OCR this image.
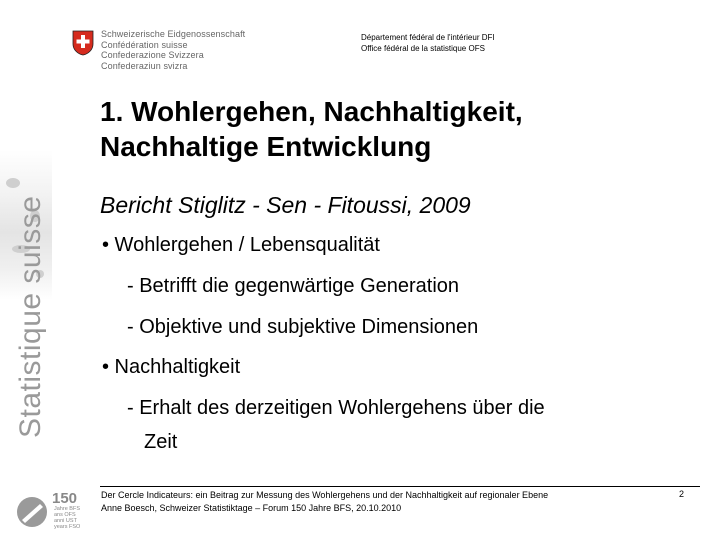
Schweizerische Eidgenossenschaft
Confédération suisse
Confederazione Svizzera
Confederaziun svizra
Département fédéral de l'intérieur DFI
Office fédéral de la statistique OFS
Statistique suisse
1. Wohlergehen, Nachhaltigkeit,
Nachhaltige Entwicklung
Bericht Stiglitz - Sen - Fitoussi, 2009
• Wohlergehen / Lebensqualität
- Betrifft die gegenwärtige Generation
- Objektive und subjektive Dimensionen
• Nachhaltigkeit
- Erhalt des derzeitigen Wohlergehens über die
Zeit
Der Cercle Indicateurs: ein Beitrag zur Messung des Wohlergehens und der Nachhaltigkeit auf regionaler Ebene
Anne Boesch, Schweizer Statistiktage – Forum 150 Jahre BFS, 20.10.2010
2
150
Jahre BFS
ans OFS
anni UST
years FSO
